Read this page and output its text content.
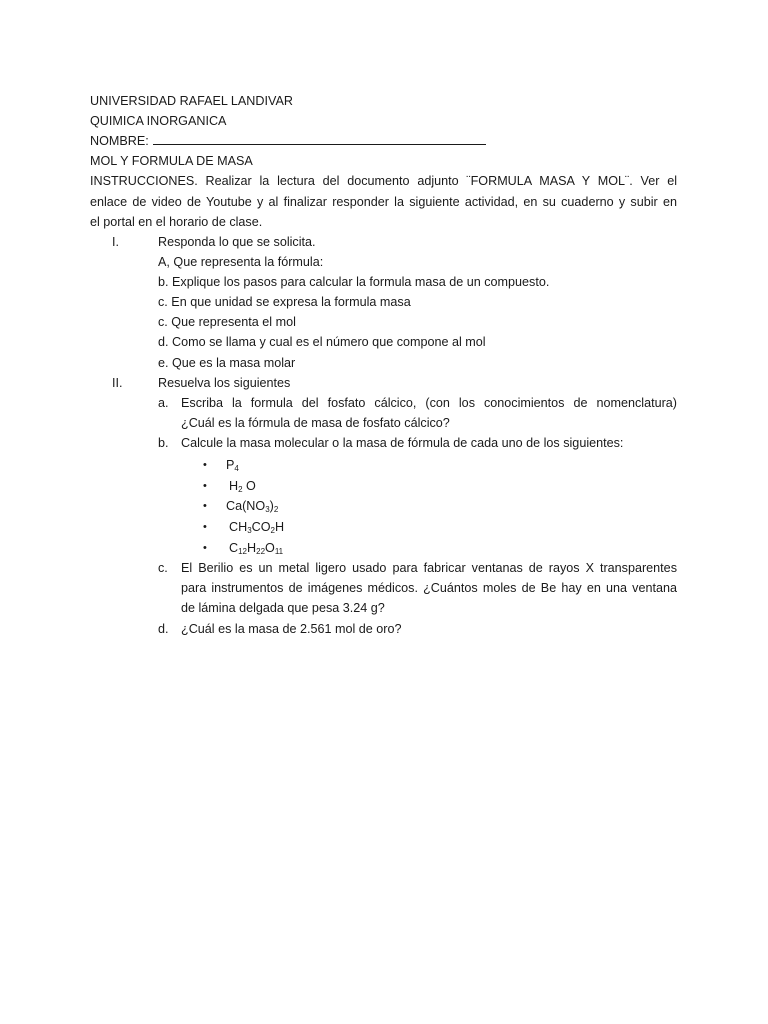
UNIVERSIDAD RAFAEL LANDIVAR
QUIMICA INORGANICA
NOMBRE:
MOL Y FORMULA DE MASA
INSTRUCCIONES. Realizar la lectura del documento adjunto ¨FORMULA MASA Y MOL¨. Ver el
enlace de video de Youtube y al finalizar responder la siguiente actividad, en su cuaderno y subir en
el portal en el horario de clase.
I.	Responda lo que se solicita.
A, Que representa la fórmula:
b. Explique los pasos para calcular la formula masa de un compuesto.
c. En que unidad se expresa la formula masa
c. Que representa el mol
d. Como se llama y cual es el número que compone al mol
e. Que es la masa molar
II.	Resuelva los siguientes
a. Escriba la formula del fosfato cálcico, (con los conocimientos de nomenclatura)
¿Cuál es la fórmula de masa de fosfato cálcico?
b. Calcule la masa molecular o la masa de fórmula de cada uno de los siguientes:
• $P_4$
• $H_2$ O
• $Ca(NO_3)_2$
• $CH_3CO_2H$
• $C_{12}H_{22}O_{11}$
c. El Berilio es un metal ligero usado para fabricar ventanas de rayos X transparentes
para instrumentos de imágenes médicos. ¿Cuántos moles de Be hay en una ventana
de lámina delgada que pesa 3.24 g?
d. ¿Cuál es la masa de 2.561 mol de oro?
